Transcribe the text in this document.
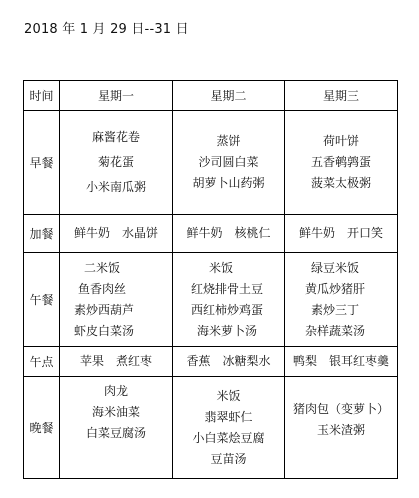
2018 年 1 月 29 日--31 日
时间	星期一	星期二	星期三
早餐	麻酱花卷
菊花蛋
小米南瓜粥	蒸饼
沙司圆白菜
胡萝卜山药粥	荷叶饼
五香鹌鹑蛋
菠菜太极粥

加餐	鲜牛奶　水晶饼	鲜牛奶　核桃仁	鲜牛奶　开口笑

午餐	二米饭
鱼香肉丝
素炒西葫芦
虾皮白菜汤	米饭
红烧排骨土豆
西红柿炒鸡蛋
海米萝卜汤	绿豆米饭
黄瓜炒猪肝
素炒三丁
杂样蔬菜汤

午点	苹果　煮红枣	香蕉　冰糖梨水	鸭梨　银耳红枣羹

晚餐	肉龙
海米油菜
白菜豆腐汤	米饭
翡翠虾仁
小白菜烩豆腐
豆苗汤	猪肉包（变萝卜）
玉米渣粥
